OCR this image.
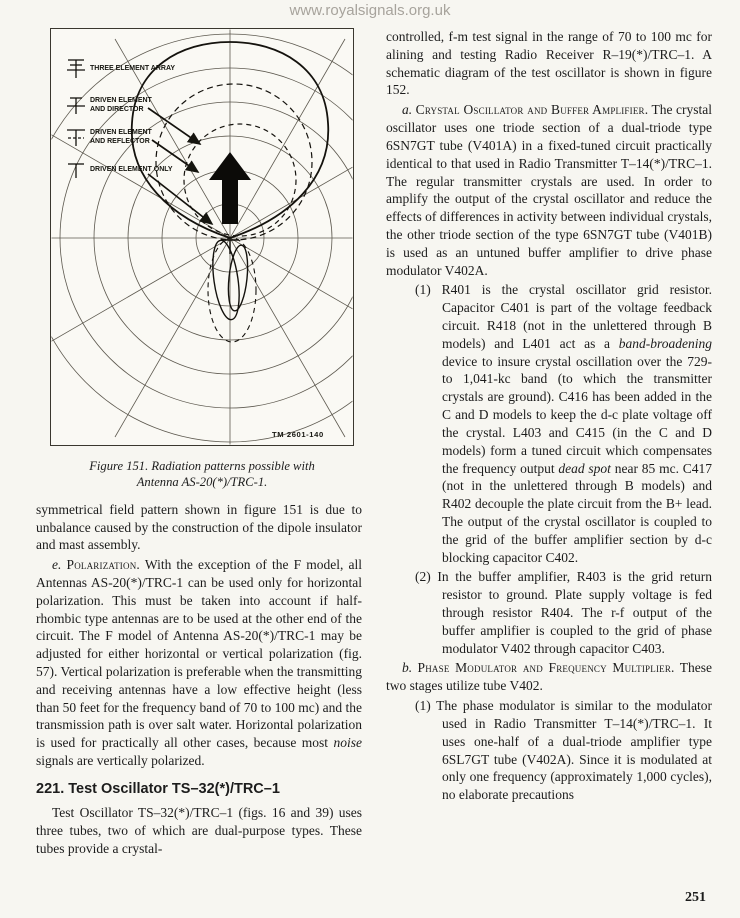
www.royalsignals.org.uk
THREE ELEMENT ARRAY
DRIVEN ELEMENT
AND DIRECTOR
DRIVEN ELEMENT
AND REFLECTOR
DRIVEN ELEMENT ONLY
TM 2601-140
Figure 151. Radiation patterns possible with
Antenna AS-20(*)/TRC-1.

symmetrical field pattern shown in figure 151 is due to unbalance caused by the construction of the dipole insulator and mast assembly.

e. Polarization. With the exception of the F model, all Antennas AS-20(*)/TRC-1 can be used only for horizontal polarization. This must be taken into account if half-rhombic type antennas are to be used at the other end of the circuit. The F model of Antenna AS-20(*)/TRC-1 may be adjusted for either horizontal or vertical polarization (fig. 57). Vertical polarization is preferable when the transmitting and receiving antennas have a low effective height (less than 50 feet for the frequency band of 70 to 100 mc) and the transmission path is over salt water. Horizontal polarization is used for practically all other cases, because most noise signals are vertically polarized.

221. Test Oscillator TS–32(*)/TRC–1

Test Oscillator TS–32(*)/TRC–1 (figs. 16 and 39) uses three tubes, two of which are dual-purpose types. These tubes provide a crystal-

controlled, f-m test signal in the range of 70 to 100 mc for alining and testing Radio Receiver R–19(*)/TRC–1. A schematic diagram of the test oscillator is shown in figure 152.

a. Crystal Oscillator and Buffer Amplifier. The crystal oscillator uses one triode section of a dual-triode type 6SN7GT tube (V401A) in a fixed-tuned circuit practically identical to that used in Radio Transmitter T–14(*)/TRC–1. The regular transmitter crystals are used. In order to amplify the output of the crystal oscillator and reduce the effects of differences in activity between individual crystals, the other triode section of the type 6SN7GT tube (V401B) is used as an untuned buffer amplifier to drive phase modulator V402A.

(1) R401 is the crystal oscillator grid resistor. Capacitor C401 is part of the voltage feedback circuit. R418 (not in the unlettered through B models) and L401 act as a band-broadening device to insure crystal oscillation over the 729- to 1,041-kc band (to which the transmitter crystals are ground). C416 has been added in the C and D models to keep the d-c plate voltage off the crystal. L403 and C415 (in the C and D models) form a tuned circuit which compensates the frequency output dead spot near 85 mc. C417 (not in the unlettered through B models) and R402 decouple the plate circuit from the B+ lead. The output of the crystal oscillator is coupled to the grid of the buffer amplifier section by d-c blocking capacitor C402.

(2) In the buffer amplifier, R403 is the grid return resistor to ground. Plate supply voltage is fed through resistor R404. The r-f output of the buffer amplifier is coupled to the grid of phase modulator V402 through capacitor C403.

b. Phase Modulator and Frequency Multiplier. These two stages utilize tube V402.

(1) The phase modulator is similar to the modulator used in Radio Transmitter T–14(*)/TRC–1. It uses one-half of a dual-triode amplifier type 6SL7GT tube (V402A). Since it is modulated at only one frequency (approximately 1,000 cycles), no elaborate precautions

251
